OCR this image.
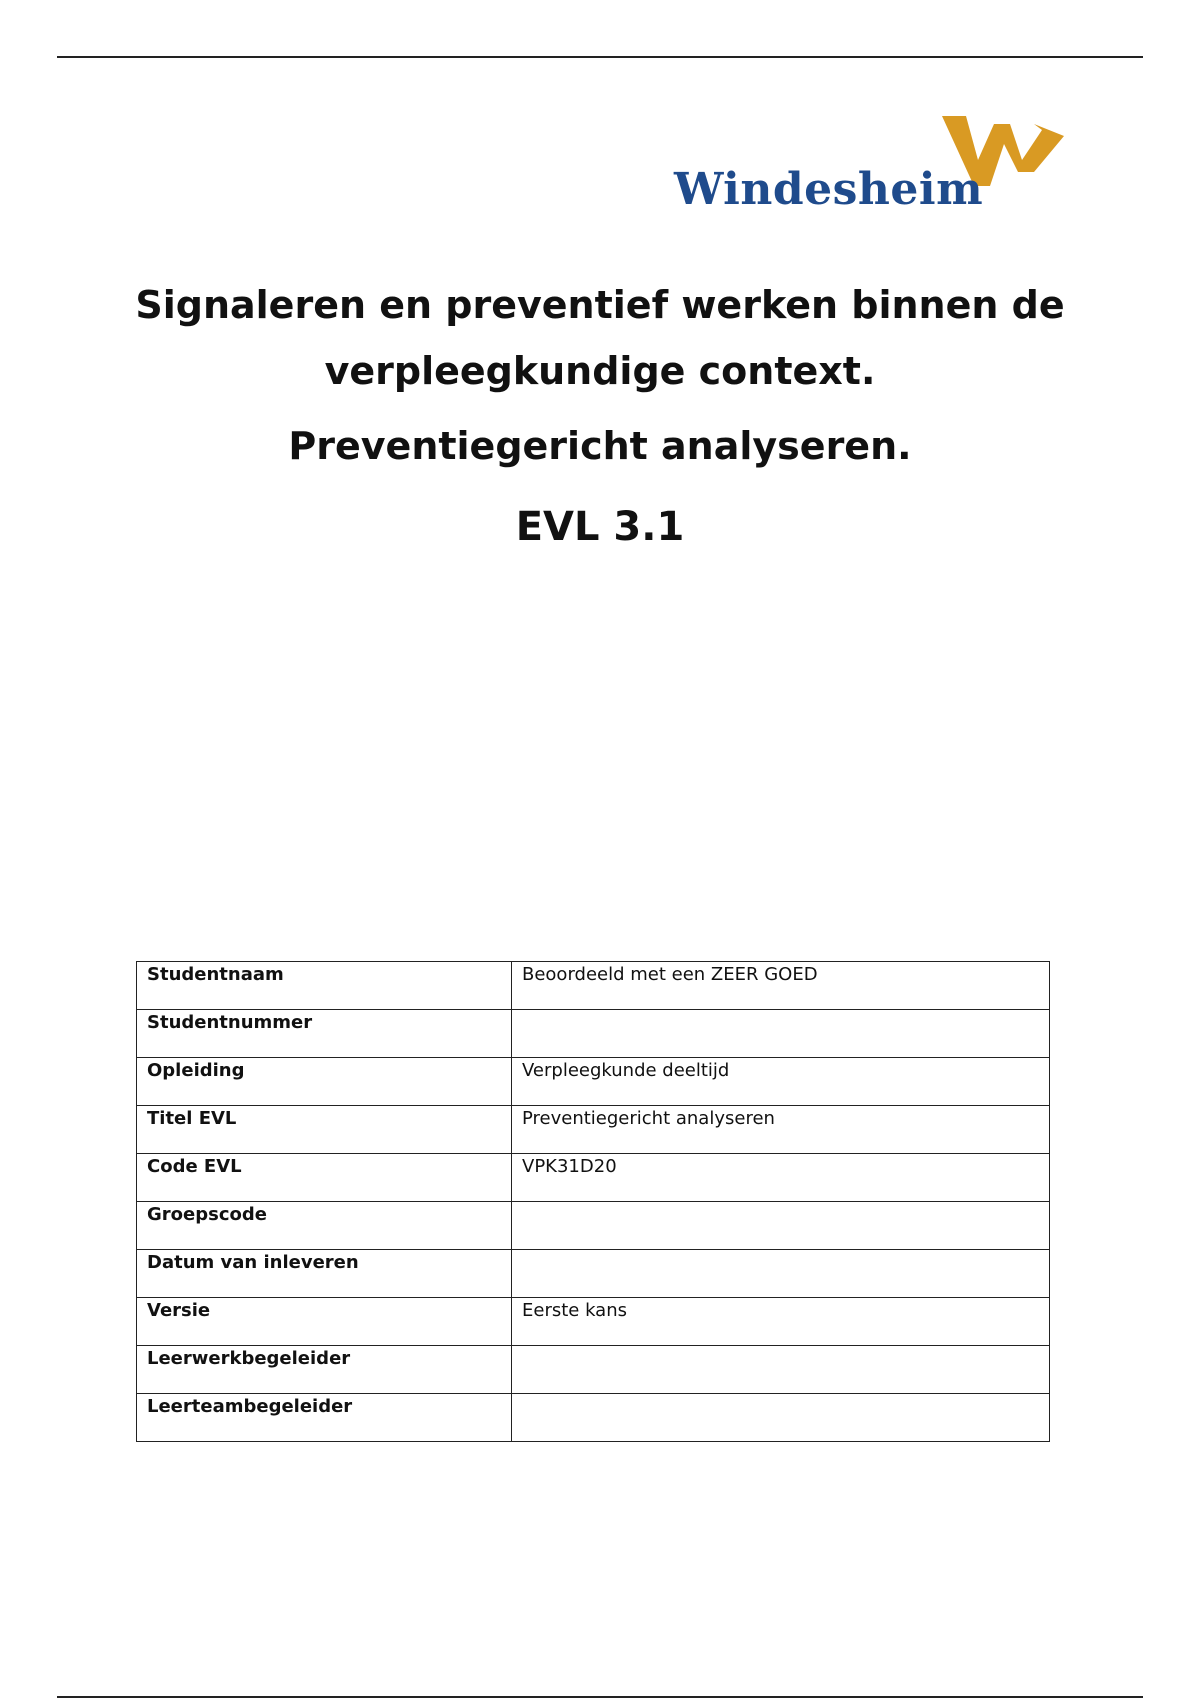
Windesheim
Signaleren en preventief werken binnen de
verpleegkundige context.
Preventiegericht analyseren.
EVL 3.1
Studentnaam	Beoordeeld met een ZEER GOED
Studentnummer	
Opleiding	Verpleegkunde deeltijd
Titel EVL	Preventiegericht analyseren
Code EVL	VPK31D20
Groepscode	
Datum van inleveren	
Versie	Eerste kans
Leerwerkbegeleider	
Leerteambegeleider	
